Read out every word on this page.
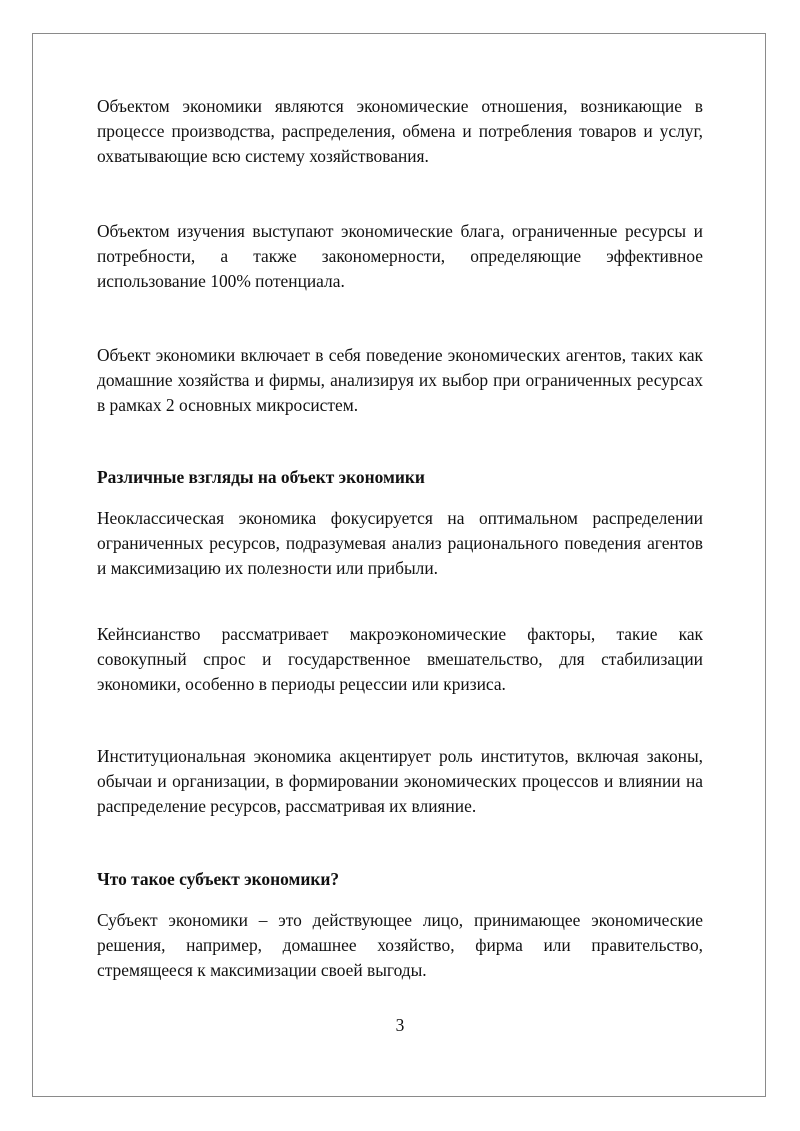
Объектом экономики являются экономические отношения, возникающие в процессе производства, распределения, обмена и потребления товаров и услуг, охватывающие всю систему хозяйствования.

Объектом изучения выступают экономические блага, ограниченные ресурсы и потребности, а также закономерности, определяющие эффективное использование 100% потенциала.

Объект экономики включает в себя поведение экономических агентов, таких как домашние хозяйства и фирмы, анализируя их выбор при ограниченных ресурсах в рамках 2 основных микросистем.

Различные взгляды на объект экономики

Неоклассическая экономика фокусируется на оптимальном распределении ограниченных ресурсов, подразумевая анализ рационального поведения агентов и максимизацию их полезности или прибыли.

Кейнсианство рассматривает макроэкономические факторы, такие как совокупный спрос и государственное вмешательство, для стабилизации экономики, особенно в периоды рецессии или кризиса.

Институциональная экономика акцентирует роль институтов, включая законы, обычаи и организации, в формировании экономических процессов и влиянии на распределение ресурсов, рассматривая их влияние.

Что такое субъект экономики?

Субъект экономики – это действующее лицо, принимающее экономические решения, например, домашнее хозяйство, фирма или правительство, стремящееся к максимизации своей выгоды.

3
